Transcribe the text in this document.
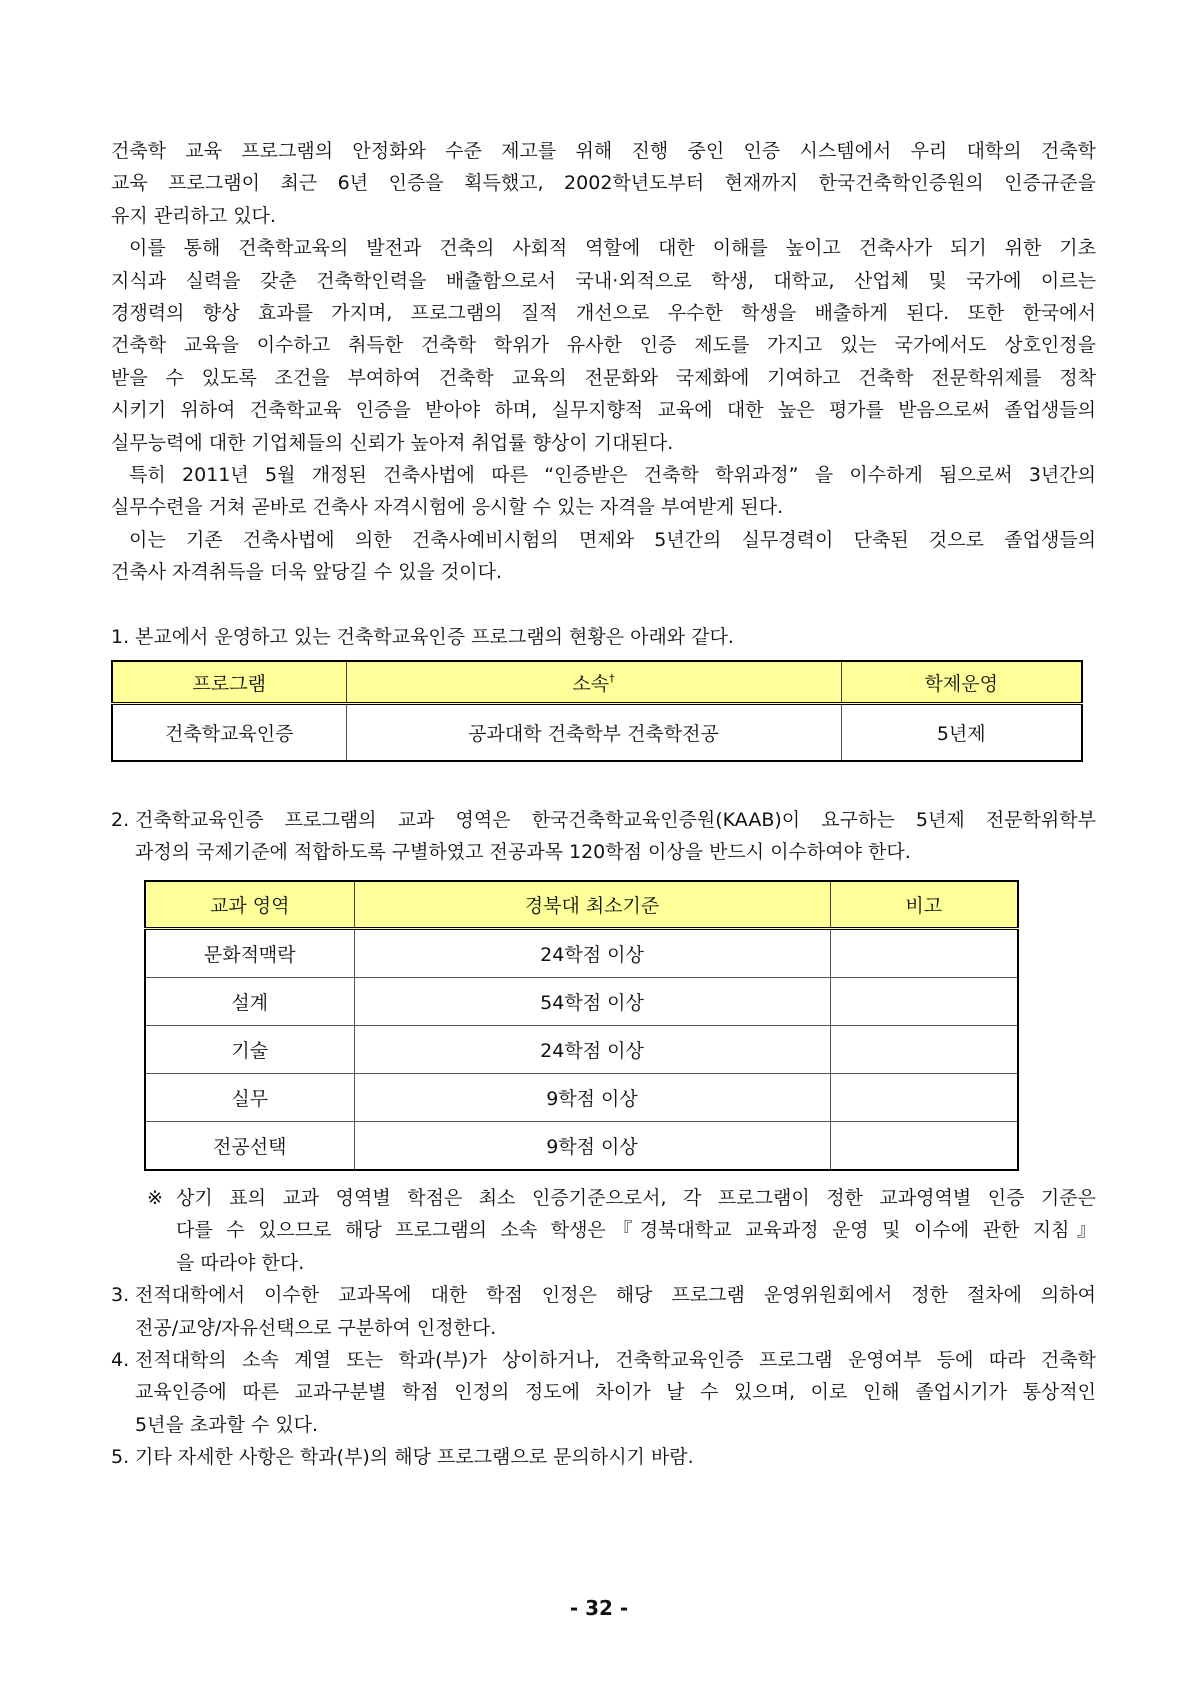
건축학 교육 프로그램의 안정화와 수준 제고를 위해 진행 중인 인증 시스템에서 우리 대학의 건축학
교육 프로그램이 최근 6년 인증을 획득했고, 2002학년도부터 현재까지 한국건축학인증원의 인증규준을
유지 관리하고 있다.
이를 통해 건축학교육의 발전과 건축의 사회적 역할에 대한 이해를 높이고 건축사가 되기 위한 기초
지식과 실력을 갖춘 건축학인력을 배출함으로서 국내·외적으로 학생, 대학교, 산업체 및 국가에 이르는
경쟁력의 향상 효과를 가지며, 프로그램의 질적 개선으로 우수한 학생을 배출하게 된다. 또한 한국에서
건축학 교육을 이수하고 취득한 건축학 학위가 유사한 인증 제도를 가지고 있는 국가에서도 상호인정을
받을 수 있도록 조건을 부여하여 건축학 교육의 전문화와 국제화에 기여하고 건축학 전문학위제를 정착
시키기 위하여 건축학교육 인증을 받아야 하며, 실무지향적 교육에 대한 높은 평가를 받음으로써 졸업생들의
실무능력에 대한 기업체들의 신뢰가 높아져 취업률 향상이 기대된다.
특히 2011년 5월 개정된 건축사법에 따른 “인증받은 건축학 학위과정” 을 이수하게 됨으로써 3년간의
실무수련을 거쳐 곧바로 건축사 자격시험에 응시할 수 있는 자격을 부여받게 된다.
이는 기존 건축사법에 의한 건축사예비시험의 면제와 5년간의 실무경력이 단축된 것으로 졸업생들의
건축사 자격취득을 더욱 앞당길 수 있을 것이다.
1. 본교에서 운영하고 있는 건축학교육인증 프로그램의 현황은 아래와 같다.
프로그램	소속†	학제운영
건축학교육인증	공과대학 건축학부 건축학전공	5년제
2. 건축학교육인증 프로그램의 교과 영역은 한국건축학교육인증원(KAAB)이 요구하는 5년제 전문학위학부
과정의 국제기준에 적합하도록 구별하였고 전공과목 120학점 이상을 반드시 이수하여야 한다.
교과 영역	경북대 최소기준	비고
문화적맥락	24학점 이상	
설계	54학점 이상	
기술	24학점 이상	
실무	9학점 이상	
전공선택	9학점 이상	
※ 상기 표의 교과 영역별 학점은 최소 인증기준으로서, 각 프로그램이 정한 교과영역별 인증 기준은
다를 수 있으므로 해당 프로그램의 소속 학생은『경북대학교 교육과정 운영 및 이수에 관한 지침』
을 따라야 한다.
3. 전적대학에서 이수한 교과목에 대한 학점 인정은 해당 프로그램 운영위원회에서 정한 절차에 의하여
전공/교양/자유선택으로 구분하여 인정한다.
4. 전적대학의 소속 계열 또는 학과(부)가 상이하거나, 건축학교육인증 프로그램 운영여부 등에 따라 건축학
교육인증에 따른 교과구분별 학점 인정의 정도에 차이가 날 수 있으며, 이로 인해 졸업시기가 통상적인
5년을 초과할 수 있다.
5. 기타 자세한 사항은 학과(부)의 해당 프로그램으로 문의하시기 바람.
- 32 -
